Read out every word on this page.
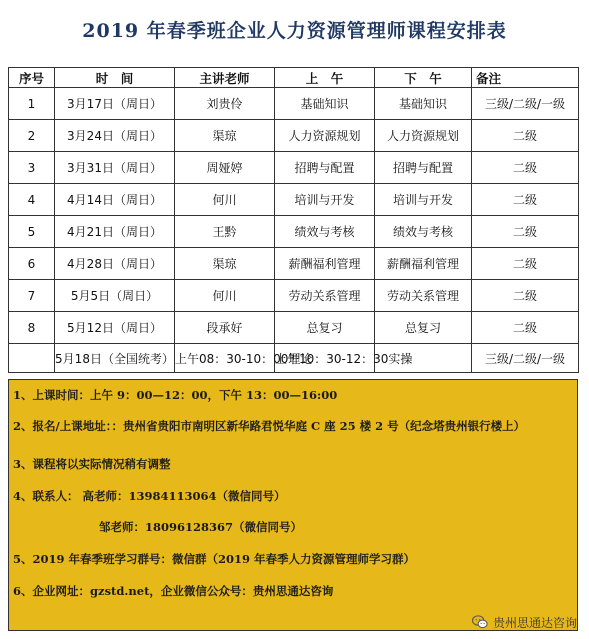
2019 年春季班企业人力资源管理师课程安排表
序号	时　间	主讲老师	上　午	下　午	备注
1	3月17日（周日）	刘贵伶	基础知识	基础知识	三级/二级/一级
2	3月24日（周日）	渠琼	人力资源规划	人力资源规划	二级
3	3月31日（周日）	周娅婷	招聘与配置	招聘与配置	二级
4	4月14日（周日）	何川	培训与开发	培训与开发	二级
5	4月21日（周日）	王黔	绩效与考核	绩效与考核	二级
6	4月28日（周日）	渠琼	薪酬福利管理	薪酬福利管理	二级
7	5月5日（周日）	何川	劳动关系管理	劳动关系管理	二级
8	5月12日（周日）	段承好	总复习	总复习	二级
	5月18日（全国统考）	上午08：30-10：00理论	上午10：30-12：30实操		三级/二级/一级
1、上课时间：上午 9：00—12：00，下午 13：00—16:00
2、报名/上课地址：：贵州省贵阳市南明区新华路君悦华庭 C 座 25 楼 2 号（纪念塔贵州银行楼上）
3、课程将以实际情况稍有调整
4、联系人： 高老师：13984113064（微信同号）
邹老师：18096128367（微信同号）
5、2019 年春季班学习群号：微信群（2019 年春季人力资源管理师学习群）
6、企业网址：gzstd.net，企业微信公众号：贵州思通达咨询
贵州思通达咨询
